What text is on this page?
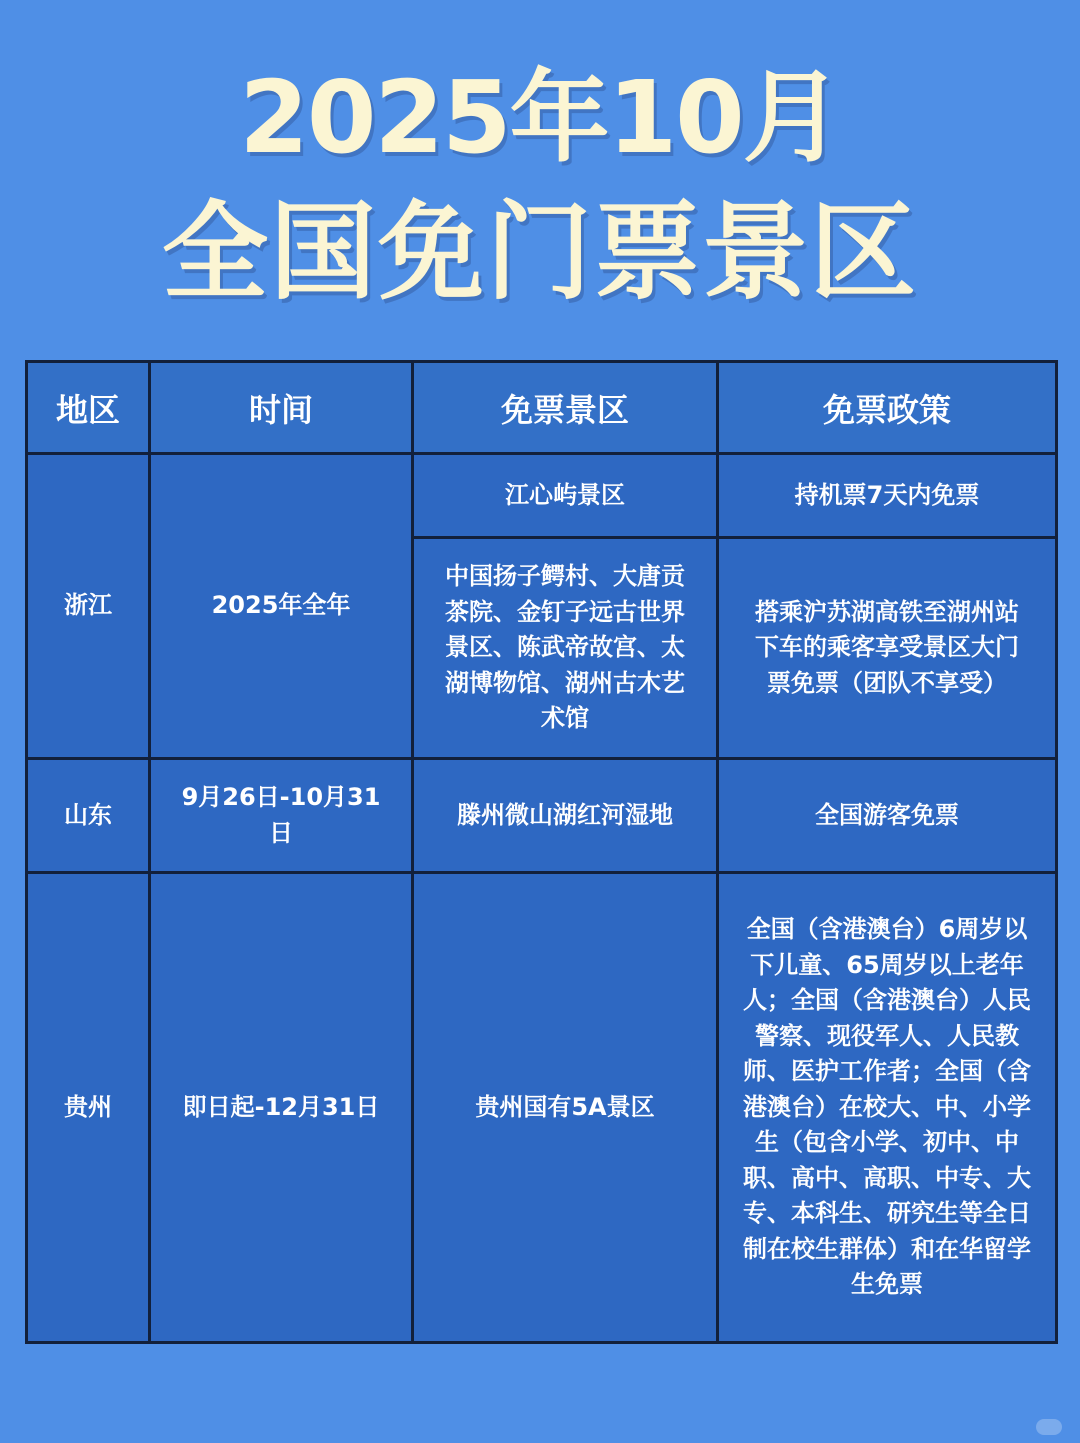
2025年10月
全国免门票景区
地区	时间	免票景区	免票政策
浙江	2025年全年	江心屿景区	持机票7天内免票
		中国扬子鳄村、大唐贡茶院、金钉子远古世界景区、陈武帝故宫、太湖博物馆、湖州古木艺术馆	搭乘沪苏湖高铁至湖州站下车的乘客享受景区大门票免票（团队不享受）
山东	9月26日-10月31日	滕州微山湖红河湿地	全国游客免票
贵州	即日起-12月31日	贵州国有5A景区	全国（含港澳台）6周岁以下儿童、65周岁以上老年人；全国（含港澳台）人民警察、现役军人、人民教师、医护工作者；全国（含港澳台）在校大、中、小学生（包含小学、初中、中职、高中、高职、中专、大专、本科生、研究生等全日制在校生群体）和在华留学生免票
